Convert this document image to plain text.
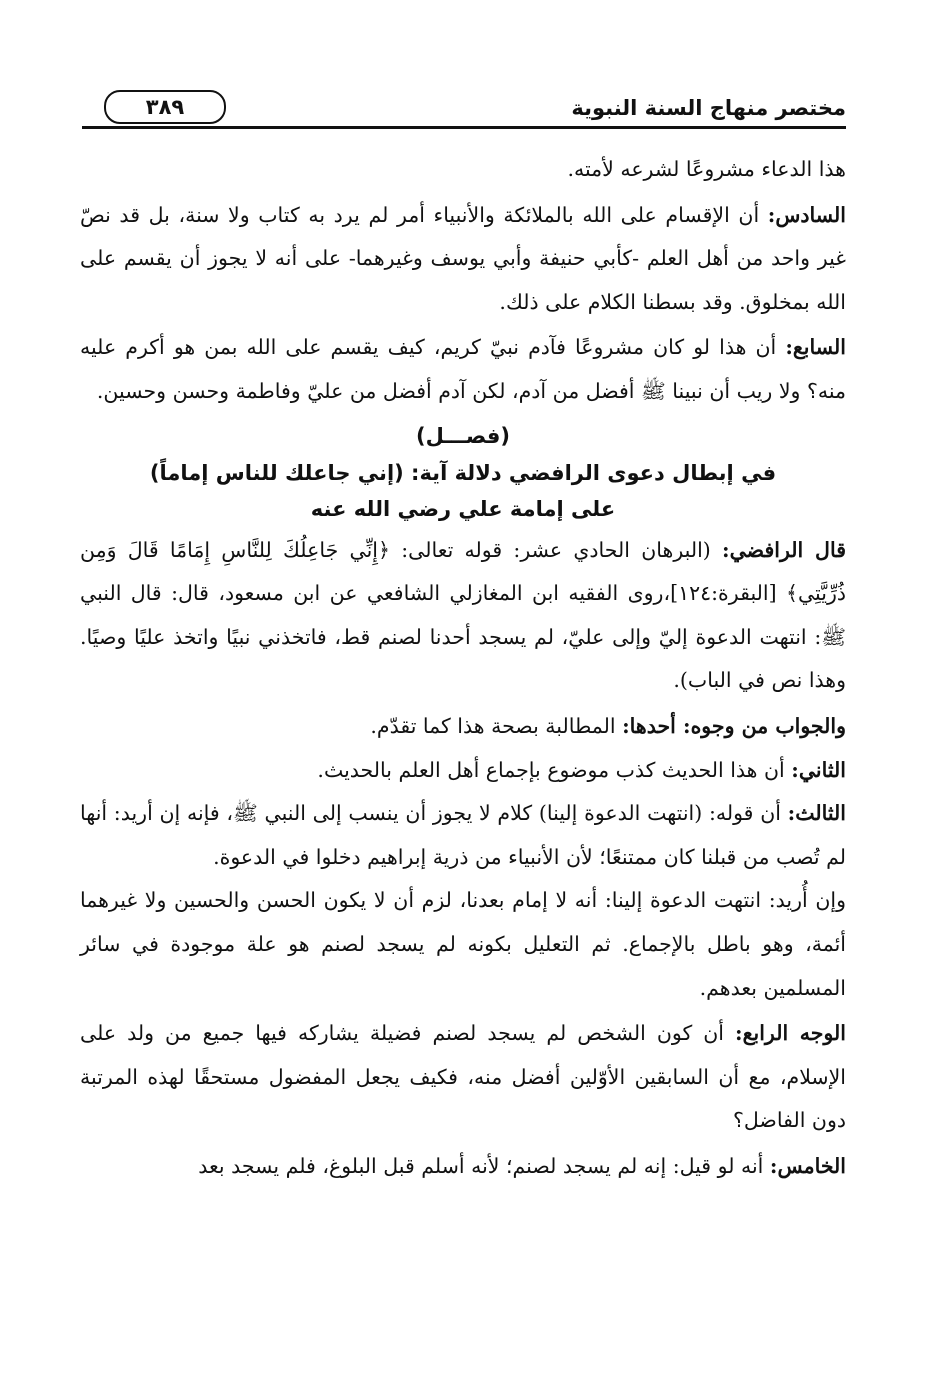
مختصر منهاج السنة النبوية
٣٨٩

هذا الدعاء مشروعًا لشرعه لأمته.

السادس: أن الإقسام على الله بالملائكة والأنبياء أمر لم يرد به كتاب ولا سنة، بل قد نصّ غير واحد من أهل العلم -كأبي حنيفة وأبي يوسف وغيرهما- على أنه لا يجوز أن يقسم على الله بمخلوق. وقد بسطنا الكلام على ذلك.

السابع: أن هذا لو كان مشروعًا فآدم نبيّ كريم، كيف يقسم على الله بمن هو أكرم عليه منه؟ ولا ريب أن نبينا ﷺ أفضل من آدم، لكن آدم أفضل من عليّ وفاطمة وحسن وحسين.

(فصـــل)
في إبطال دعوى الرافضي دلالة آية: (إني جاعلك للناس إماماً)
على إمامة علي رضي الله عنه

قال الرافضي: (البرهان الحادي عشر: قوله تعالى: ﴿إِنِّي جَاعِلُكَ لِلنَّاسِ إِمَامًا قَالَ وَمِن ذُرِّيَّتِي﴾ [البقرة:١٢٤]،روى الفقيه ابن المغازلي الشافعي عن ابن مسعود، قال: قال النبي ﷺ: انتهت الدعوة إليّ وإلى عليّ، لم يسجد أحدنا لصنم قط، فاتخذني نبيًا واتخذ عليًا وصيًا. وهذا نص في الباب).

والجواب من وجوه: أحدها: المطالبة بصحة هذا كما تقدّم.

الثاني: أن هذا الحديث كذب موضوع بإجماع أهل العلم بالحديث.

الثالث: أن قوله: (انتهت الدعوة إلينا) كلام لا يجوز أن ينسب إلى النبي ﷺ، فإنه إن أريد: أنها لم تُصب من قبلنا كان ممتنعًا؛ لأن الأنبياء من ذرية إبراهيم دخلوا في الدعوة.

وإن أُريد: انتهت الدعوة إلينا: أنه لا إمام بعدنا، لزم أن لا يكون الحسن والحسين ولا غيرهما أئمة، وهو باطل بالإجماع. ثم التعليل بكونه لم يسجد لصنم هو علة موجودة في سائر المسلمين بعدهم.

الوجه الرابع: أن كون الشخص لم يسجد لصنم فضيلة يشاركه فيها جميع من ولد على الإسلام، مع أن السابقين الأوّلين أفضل منه، فكيف يجعل المفضول مستحقًا لهذه المرتبة دون الفاضل؟

الخامس: أنه لو قيل: إنه لم يسجد لصنم؛ لأنه أسلم قبل البلوغ، فلم يسجد بعد
